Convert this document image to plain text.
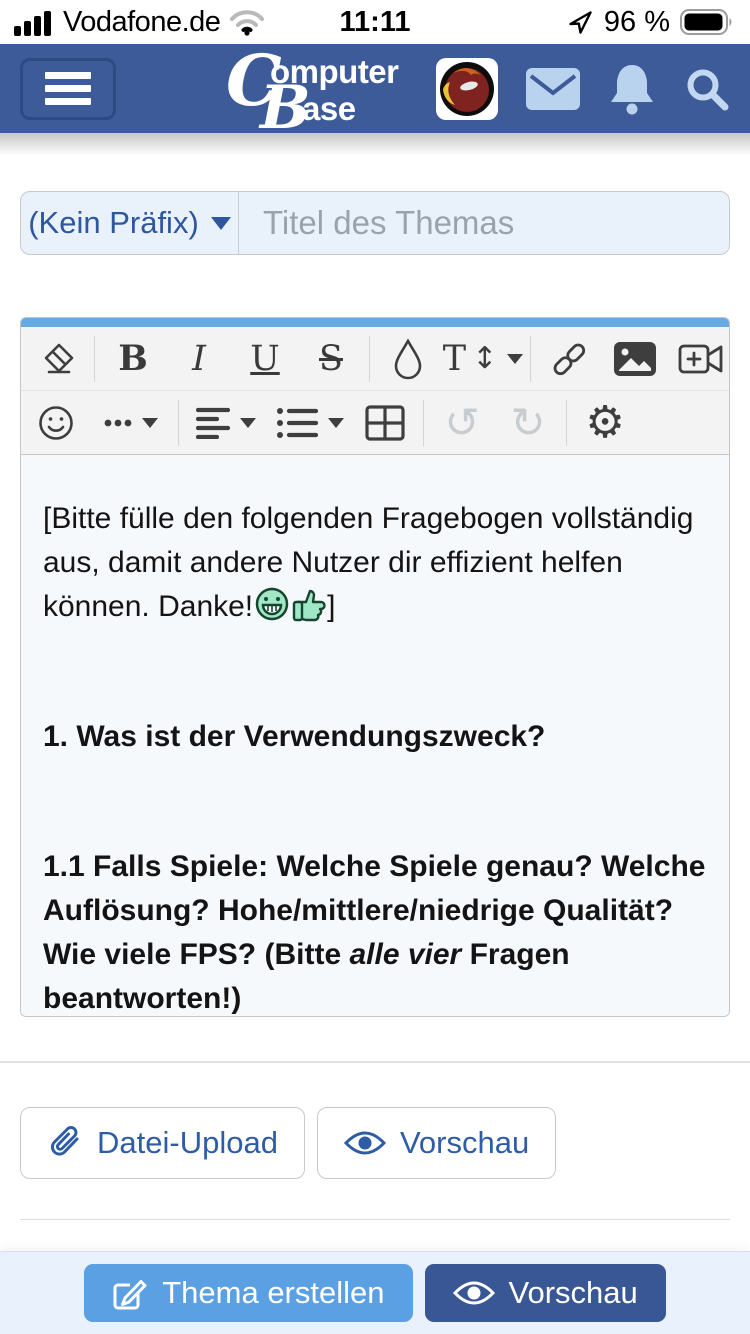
Vodafone.de	11:11	96 %
C
omputer
B
ase
(Kein Präfix)
Titel des Themas
B I U S	T ↕
↺ ↻ ⚙

[Bitte fülle den folgenden Fragebogen vollständig aus, damit andere Nutzer dir effizient helfen können. Danke! ]

1. Was ist der Verwendungszweck?

1.1 Falls Spiele: Welche Spiele genau? Welche Auflösung? Hohe/mittlere/niedrige Qualität? Wie viele FPS? (Bitte alle vier Fragen beantworten!)

Datei-Upload	Vorschau
Thema erstellen	Vorschau
